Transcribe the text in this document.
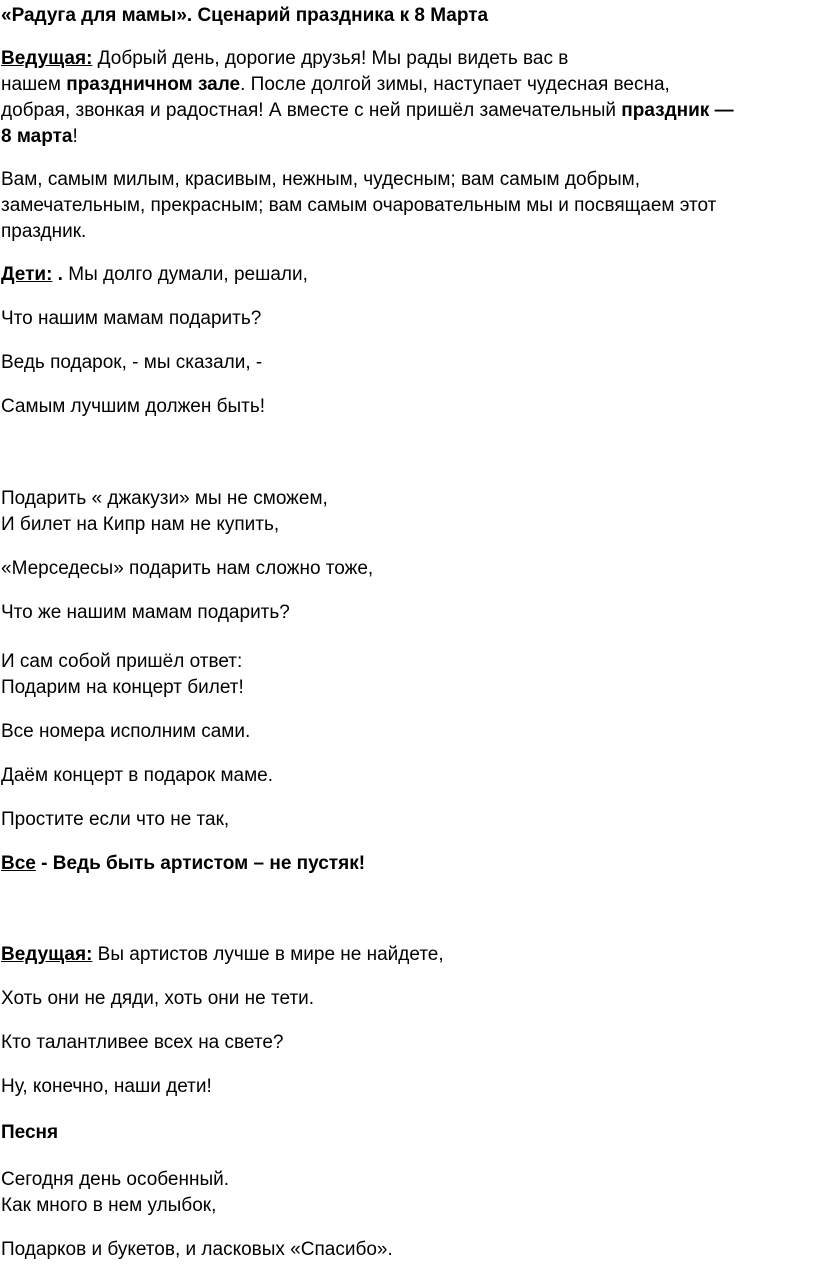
«Радуга для мамы». Сценарий праздника к 8 Марта
Ведущая: Добрый день, дорогие друзья! Мы рады видеть вас в
нашем праздничном зале. После долгой зимы, наступает чудесная весна,
добрая, звонкая и радостная! А вместе с ней пришёл замечательный праздник —
8 марта!
Вам, самым милым, красивым, нежным, чудесным; вам самым добрым,
замечательным, прекрасным; вам самым очаровательным мы и посвящаем этот
праздник.
Дети: . Мы долго думали, решали,
Что нашим мамам подарить?
Ведь подарок, - мы сказали, -
Самым лучшим должен быть!
Подарить « джакузи» мы не сможем,
И билет на Кипр нам не купить,
«Мерседесы» подарить нам сложно тоже,
Что же нашим мамам подарить?
И сам собой пришёл ответ:
Подарим на концерт билет!
Все номера исполним сами.
Даём концерт в подарок маме.
Простите если что не так,
Все - Ведь быть артистом – не пустяк!
Ведущая: Вы артистов лучше в мире не найдете,
Хоть они не дяди, хоть они не тети.
Кто талантливее всех на свете?
Ну, конечно, наши дети!
Песня
Сегодня день особенный.
Как много в нем улыбок,
Подарков и букетов, и ласковых «Спасибо».
